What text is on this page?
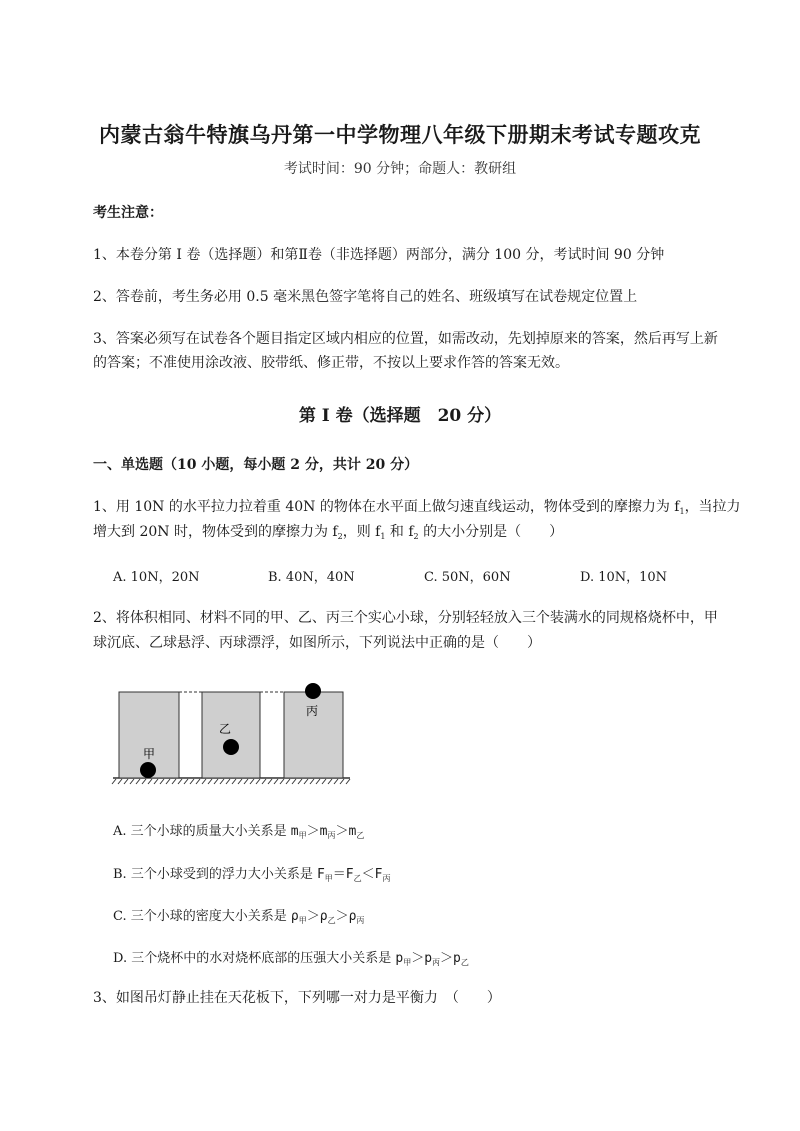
内蒙古翁牛特旗乌丹第一中学物理八年级下册期末考试专题攻克
考试时间：90 分钟；命题人：教研组
考生注意：
1、本卷分第 I 卷（选择题）和第Ⅱ卷（非选择题）两部分，满分 100 分，考试时间 90 分钟
2、答卷前，考生务必用 0.5 毫米黑色签字笔将自己的姓名、班级填写在试卷规定位置上
3、答案必须写在试卷各个题目指定区域内相应的位置，如需改动，先划掉原来的答案，然后再写上新
的答案；不准使用涂改液、胶带纸、修正带，不按以上要求作答的答案无效。
第 I 卷（选择题　20 分）
一、单选题（10 小题，每小题 2 分，共计 20 分）
1、用 10N 的水平拉力拉着重 40N 的物体在水平面上做匀速直线运动，物体受到的摩擦力为 $f_1$，当拉力
增大到 20N 时，物体受到的摩擦力为 $f_2$，则 $f_1$ 和 $f_2$ 的大小分别是（　　）
A. 10N，20N	B. 40N，40N	C. 50N，60N	D. 10N，10N
2、将体积相同、材料不同的甲、乙、丙三个实心小球，分别轻轻放入三个装满水的同规格烧杯中，甲
球沉底、乙球悬浮、丙球漂浮，如图所示，下列说法中正确的是（　　）
甲
乙
丙
A. 三个小球的质量大小关系是 $m_甲>m_丙>m_乙$
B. 三个小球受到的浮力大小关系是 $F_甲=F_乙<F_丙$
C. 三个小球的密度大小关系是 $\rho_甲>\rho_乙>\rho_丙$
D. 三个烧杯中的水对烧杯底部的压强大小关系是 $p_甲>p_丙>p_乙$
3、如图吊灯静止挂在天花板下，下列哪一对力是平衡力　（　　）
